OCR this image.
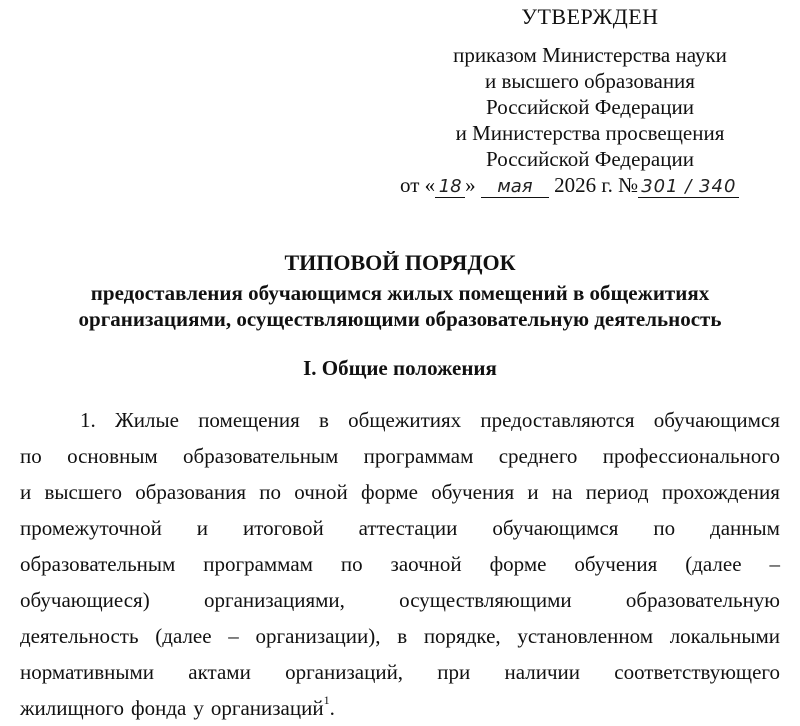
УТВЕРЖДЕН
приказом Министерства науки
и высшего образования
Российской Федерации
и Министерства просвещения
Российской Федерации
от « 18 » мая 2026 г. № 301 / 340
ТИПОВОЙ ПОРЯДОК
предоставления обучающимся жилых помещений в общежитиях
организациями, осуществляющими образовательную деятельность
I. Общие положения
1. Жилые помещения в общежитиях предоставляются обучающимся
по основным образовательным программам среднего профессионального
и высшего образования по очной форме обучения и на период прохождения
промежуточной и итоговой аттестации обучающимся по данным
образовательным программам по заочной форме обучения (далее –
обучающиеся)	организациями,	осуществляющими	образовательную
деятельность (далее – организации), в порядке, установленном локальными
нормативными актами организаций, при наличии соответствующего
жилищного фонда у организаций$^1$.
